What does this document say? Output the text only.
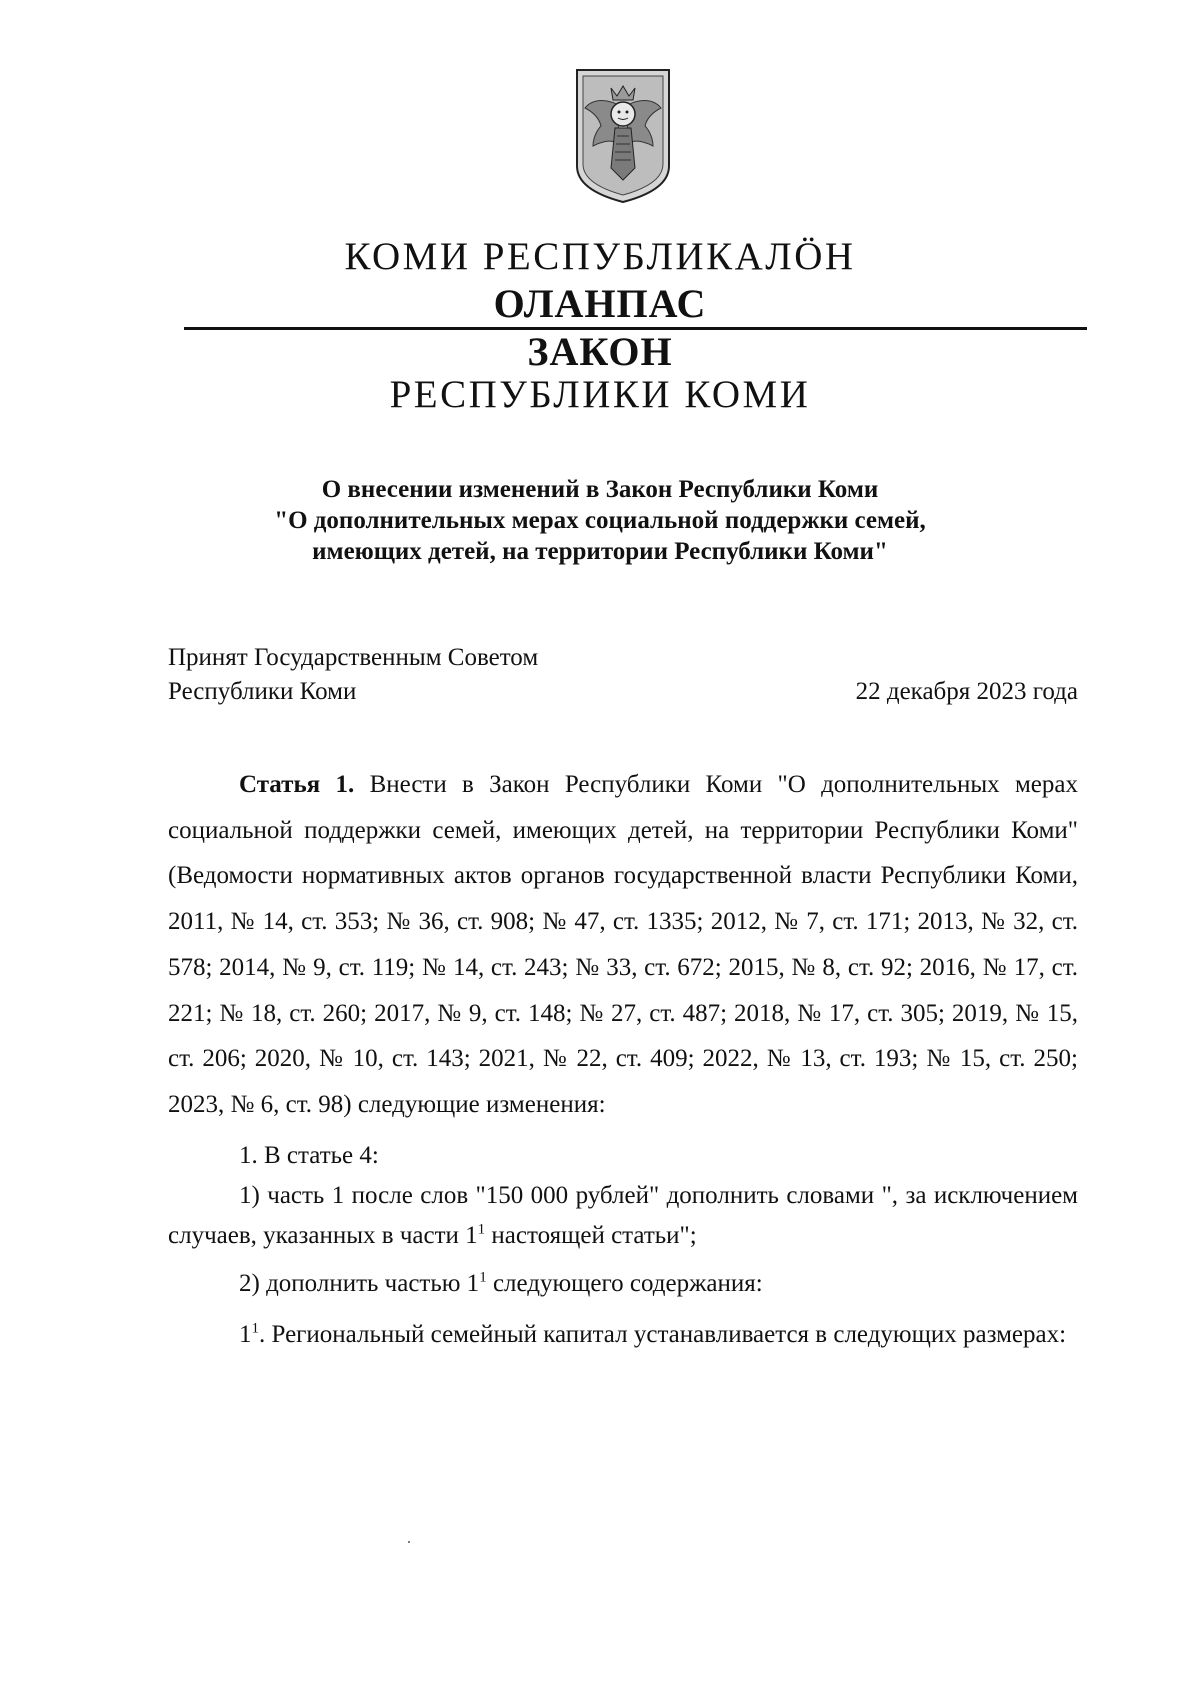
КОМИ РЕСПУБЛИКАЛÖН
ОЛАНПАС
ЗАКОН
РЕСПУБЛИКИ КОМИ
О внесении изменений в Закон Республики Коми
"О дополнительных мерах социальной поддержки семей,
имеющих детей, на территории Республики Коми"
Принят Государственным Советом
Республики Коми	22 декабря 2023 года

Статья 1. Внести в Закон Республики Коми "О дополнительных мерах социальной поддержки семей, имеющих детей, на территории Республики Коми" (Ведомости нормативных актов органов государственной власти Республики Коми, 2011, № 14, ст. 353; № 36, ст. 908; № 47, ст. 1335; 2012, № 7, ст. 171; 2013, № 32, ст. 578; 2014, № 9, ст. 119; № 14, ст. 243; № 33, ст. 672; 2015, № 8, ст. 92; 2016, № 17, ст. 221; № 18, ст. 260; 2017, № 9, ст. 148; № 27, ст. 487; 2018, № 17, ст. 305; 2019, № 15, ст. 206; 2020, № 10, ст. 143; 2021, № 22, ст. 409; 2022, № 13, ст. 193; № 15, ст. 250; 2023, № 6, ст. 98) следующие изменения:

1. В статье 4:

1) часть 1 после слов "150 000 рублей" дополнить словами ", за исключением случаев, указанных в части $1^1$ настоящей статьи";

2) дополнить частью $1^1$ следующего содержания:

$1^1$. Региональный семейный капитал устанавливается в следующих размерах:
